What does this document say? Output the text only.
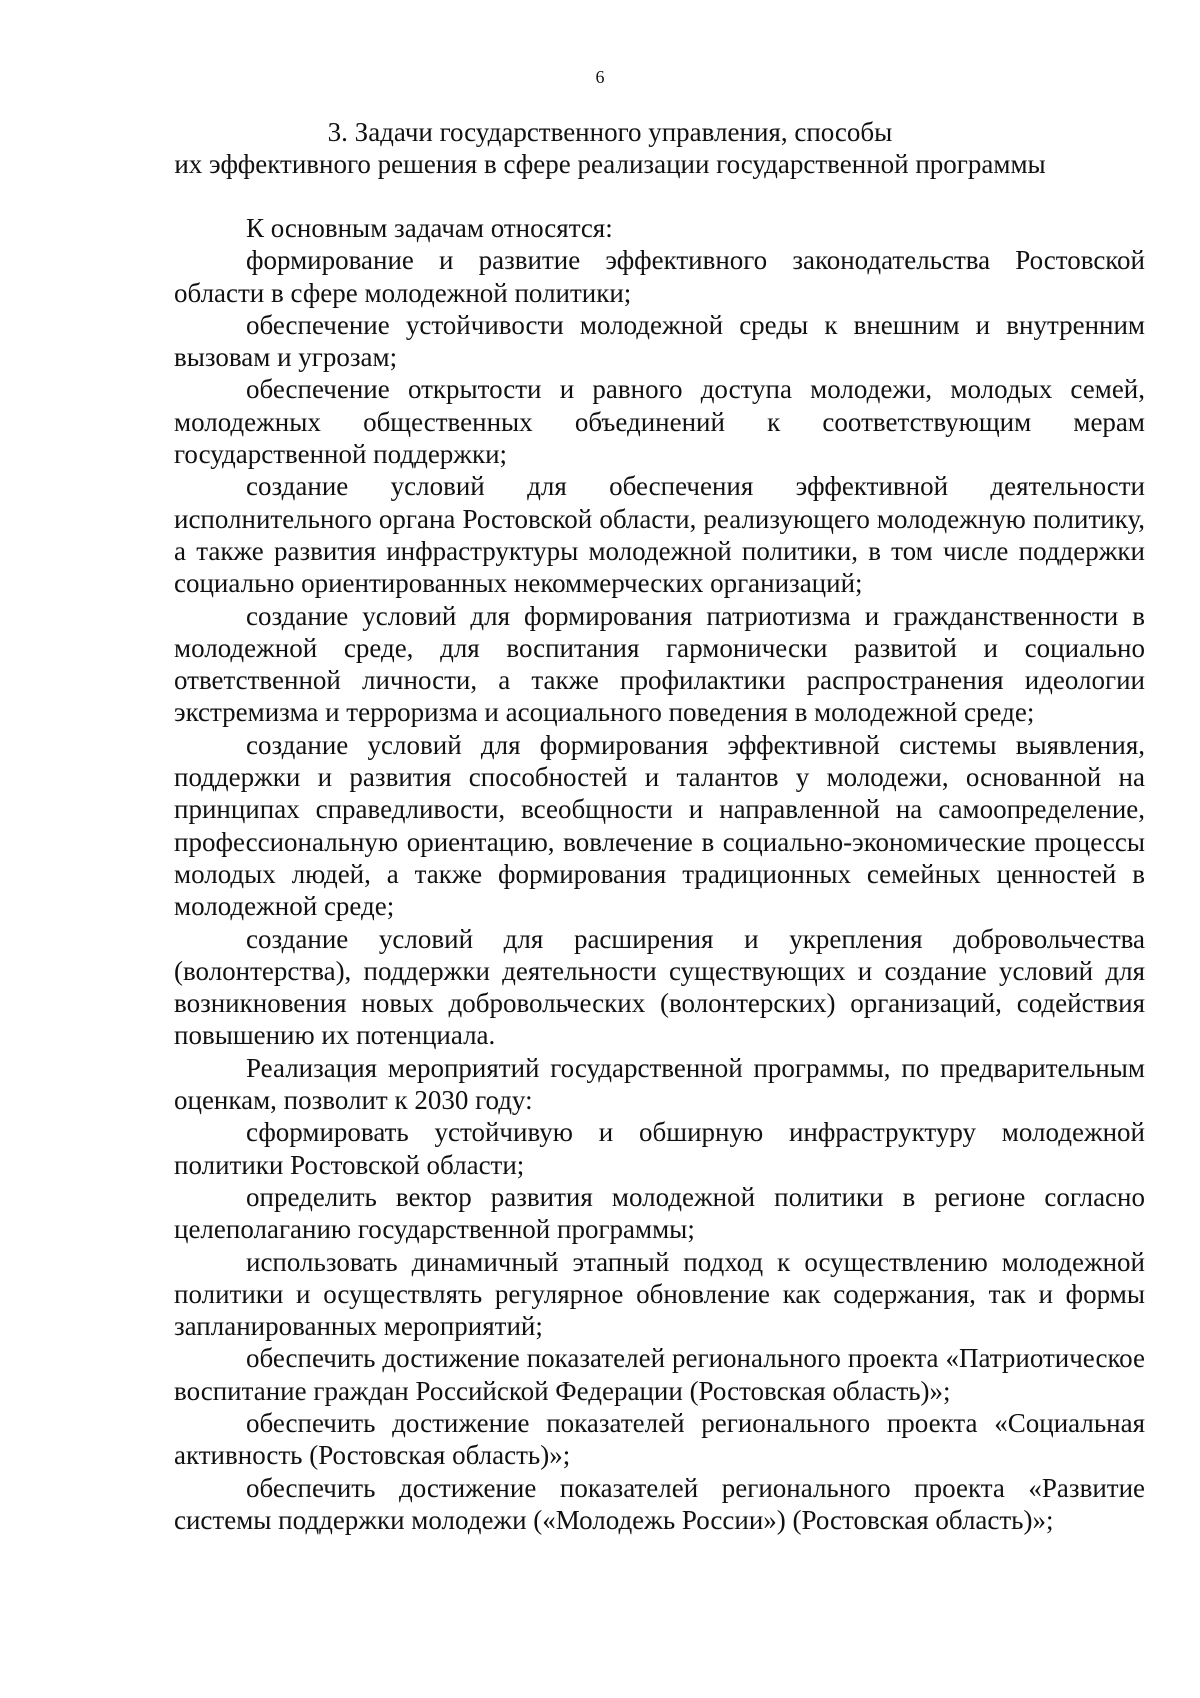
6
3. Задачи государственного управления, способы
их эффективного решения в сфере реализации государственной программы

К основным задачам относятся:

формирование и развитие эффективного законодательства Ростовской области в сфере молодежной политики;

обеспечение устойчивости молодежной среды к внешним и внутренним вызовам и угрозам;

обеспечение открытости и равного доступа молодежи, молодых семей, молодежных общественных объединений к соответствующим мерам государственной поддержки;

создание условий для обеспечения эффективной деятельности исполнительного органа Ростовской области, реализующего молодежную политику, а также развития инфраструктуры молодежной политики, в том числе поддержки социально ориентированных некоммерческих организаций;

создание условий для формирования патриотизма и гражданственности в молодежной среде, для воспитания гармонически развитой и социально ответственной личности, а также профилактики распространения идеологии экстремизма и терроризма и асоциального поведения в молодежной среде;

создание условий для формирования эффективной системы выявления, поддержки и развития способностей и талантов у молодежи, основанной на принципах справедливости, всеобщности и направленной на самоопределение, профессиональную ориентацию, вовлечение в социально-экономические процессы молодых людей, а также формирования традиционных семейных ценностей в молодежной среде;

создание условий для расширения и укрепления добровольчества (волонтерства), поддержки деятельности существующих и создание условий для возникновения новых добровольческих (волонтерских) организаций, содействия повышению их потенциала.

Реализация мероприятий государственной программы, по предварительным оценкам, позволит к 2030 году:

сформировать устойчивую и обширную инфраструктуру молодежной политики Ростовской области;

определить вектор развития молодежной политики в регионе согласно целеполаганию государственной программы;

использовать динамичный этапный подход к осуществлению молодежной политики и осуществлять регулярное обновление как содержания, так и формы запланированных мероприятий;

обеспечить достижение показателей регионального проекта «Патриотическое воспитание граждан Российской Федерации (Ростовская область)»;

обеспечить достижение показателей регионального проекта «Социальная активность (Ростовская область)»;

обеспечить достижение показателей регионального проекта «Развитие системы поддержки молодежи («Молодежь России») (Ростовская область)»;
